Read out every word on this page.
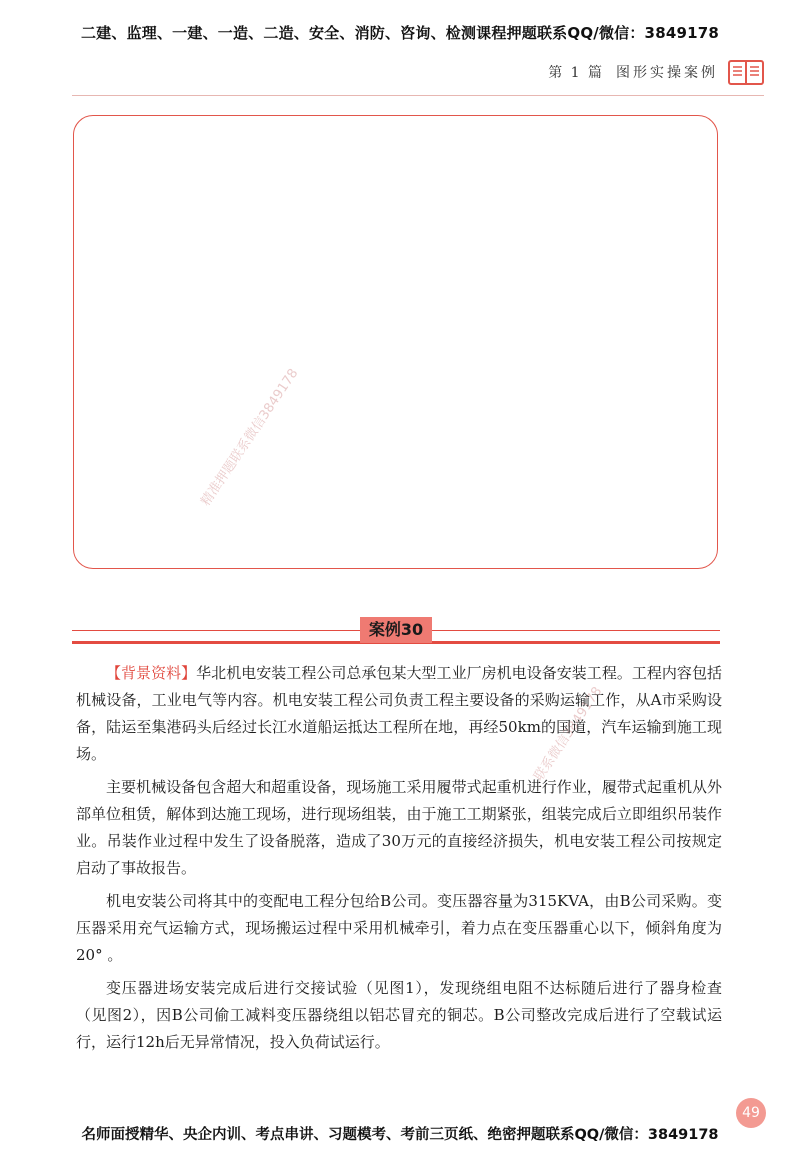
二建、监理、一建、一造、二造、安全、消防、咨询、检测课程押题联系QQ/微信：3849178
第 1 篇 图形实操案例
精准押题联系微信3849178
联系微信3849178
案例30

【背景资料】华北机电安装工程公司总承包某大型工业厂房机电设备安装工程。工程内容包括机械设备，工业电气等内容。机电安装工程公司负责工程主要设备的采购运输工作，从A市采购设备，陆运至集港码头后经过长江水道船运抵达工程所在地，再经50km的国道，汽车运输到施工现场。

主要机械设备包含超大和超重设备，现场施工采用履带式起重机进行作业，履带式起重机从外部单位租赁，解体到达施工现场，进行现场组装，由于施工工期紧张，组装完成后立即组织吊装作业。吊装作业过程中发生了设备脱落，造成了30万元的直接经济损失，机电安装工程公司按规定启动了事故报告。

机电安装公司将其中的变配电工程分包给B公司。变压器容量为315KVA，由B公司采购。变压器采用充气运输方式，现场搬运过程中采用机械牵引，着力点在变压器重心以下，倾斜角度为20° 。

变压器进场安装完成后进行交接试验（见图1），发现绕组电阻不达标随后进行了器身检查（见图2），因B公司偷工减料变压器绕组以铝芯冒充的铜芯。B公司整改完成后进行了空载试运行，运行12h后无异常情况，投入负荷试运行。

49
名师面授精华、央企内训、考点串讲、习题模考、考前三页纸、绝密押题联系QQ/微信：3849178
